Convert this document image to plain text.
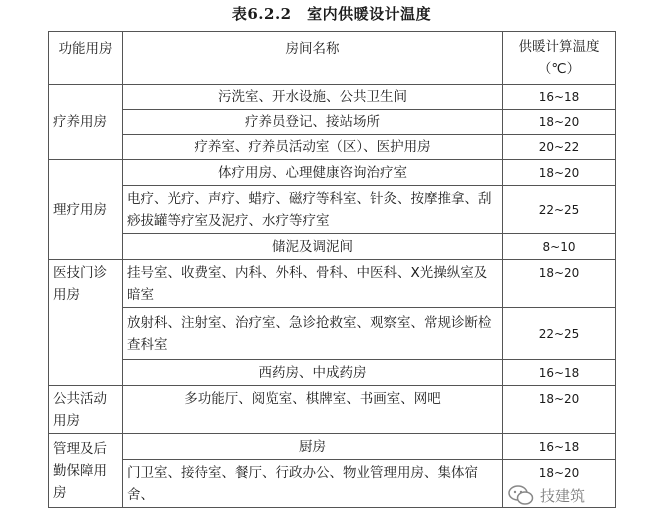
表6.2.2　室内供暖设计温度
功能用房	房间名称	供暖计算温度（℃）
疗养用房	污洗室、开水设施、公共卫生间	16~18
	疗养员登记、接站场所	18~20
	疗养室、疗养员活动室（区）、医护用房	20~22
理疗用房	体疗用房、心理健康咨询治疗室	18~20
	电疗、光疗、声疗、蜡疗、磁疗等科室、针灸、按摩推拿、刮痧拔罐等疗室及泥疗、水疗等疗室	22~25
	储泥及调泥间	8~10
医技门诊用房	挂号室、收费室、内科、外科、骨科、中医科、X光操纵室及暗室	18~20
	放射科、注射室、治疗室、急诊抢救室、观察室、常规诊断检查科室	22~25
	西药房、中成药房	16~18
公共活动用房	多功能厅、阅览室、棋牌室、书画室、网吧	18~20
管理及后勤保障用房	厨房	16~18
	门卫室、接待室、餐厅、行政办公、物业管理用房、集体宿舍、	18~20
技建筑
